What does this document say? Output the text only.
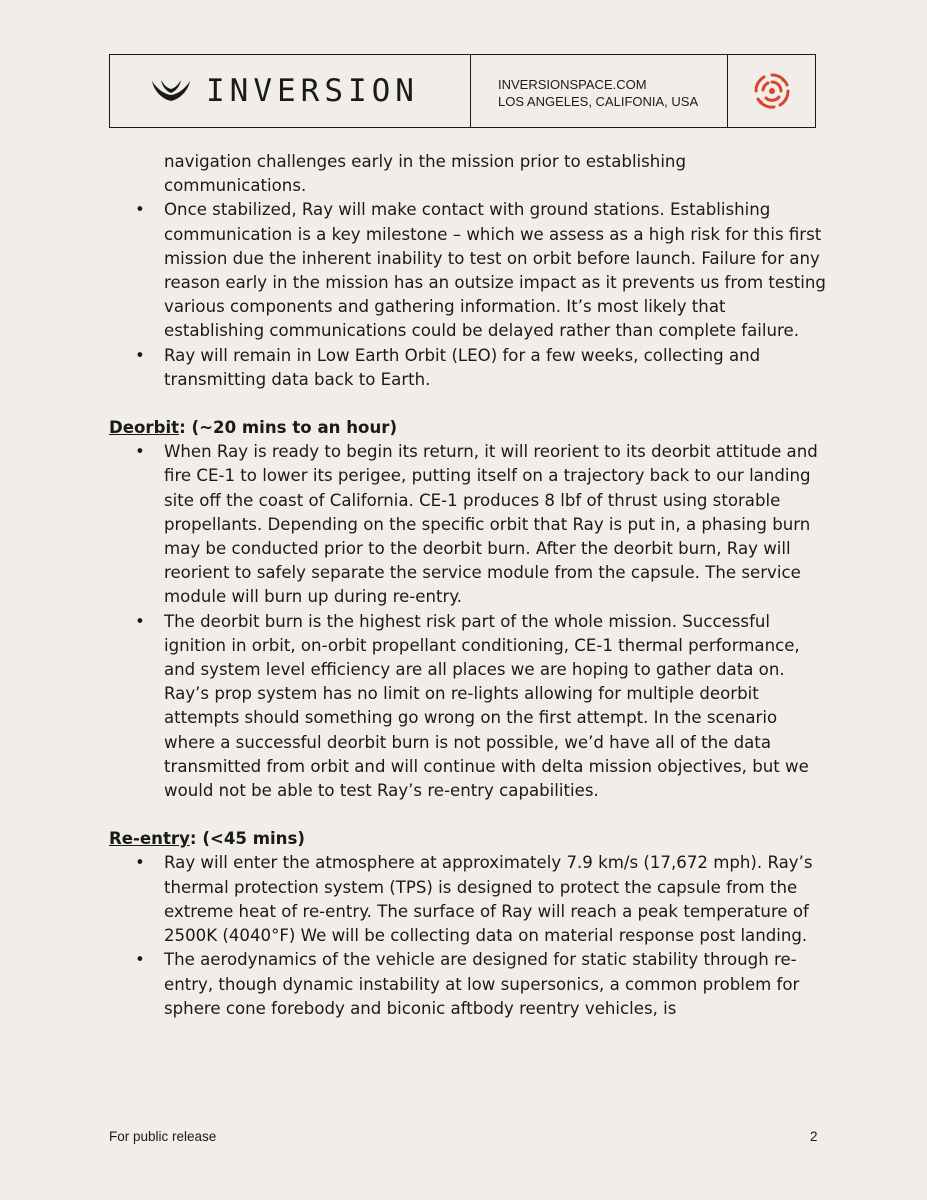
INVERSION	INVERSIONSPACE.COM
LOS ANGELES, CALIFONIA, USA
navigation challenges early in the mission prior to establishing communications.
• Once stabilized, Ray will make contact with ground stations. Establishing communication is a key milestone – which we assess as a high risk for this first mission due the inherent inability to test on orbit before launch. Failure for any reason early in the mission has an outsize impact as it prevents us from testing various components and gathering information. It’s most likely that establishing communications could be delayed rather than complete failure.
• Ray will remain in Low Earth Orbit (LEO) for a few weeks, collecting and transmitting data back to Earth.
Deorbit: (~20 mins to an hour)
• When Ray is ready to begin its return, it will reorient to its deorbit attitude and fire CE-1 to lower its perigee, putting itself on a trajectory back to our landing site off the coast of California. CE-1 produces 8 lbf of thrust using storable propellants. Depending on the specific orbit that Ray is put in, a phasing burn may be conducted prior to the deorbit burn. After the deorbit burn, Ray will reorient to safely separate the service module from the capsule. The service module will burn up during re-entry.
• The deorbit burn is the highest risk part of the whole mission. Successful ignition in orbit, on-orbit propellant conditioning, CE-1 thermal performance, and system level efficiency are all places we are hoping to gather data on. Ray’s prop system has no limit on re-lights allowing for multiple deorbit attempts should something go wrong on the first attempt. In the scenario where a successful deorbit burn is not possible, we’d have all of the data transmitted from orbit and will continue with delta mission objectives, but we would not be able to test Ray’s re-entry capabilities.
Re-entry: (<45 mins)
• Ray will enter the atmosphere at approximately 7.9 km/s (17,672 mph). Ray’s thermal protection system (TPS) is designed to protect the capsule from the extreme heat of re-entry. The surface of Ray will reach a peak temperature of 2500K (4040°F) We will be collecting data on material response post landing.
• The aerodynamics of the vehicle are designed for static stability through re-entry, though dynamic instability at low supersonics, a common problem for sphere cone forebody and biconic aftbody reentry vehicles, is
For public release	2
